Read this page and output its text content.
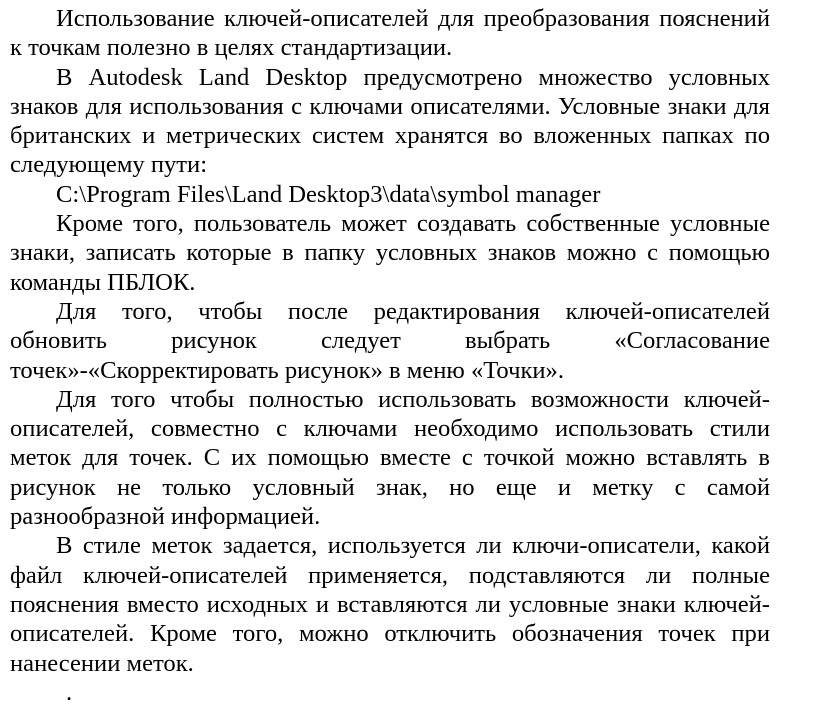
Использование ключей-описателей для преобразования пояснений к точкам полезно в целях стандартизации.

В Autodesk Land Desktop предусмотрено множество условных знаков для использования с ключами описателями. Условные знаки для британских и метрических систем хранятся во вложенных папках по следующему пути:

C:\Program Files\Land Desktop3\data\symbol manager

Кроме того, пользователь может создавать собственные условные знаки, записать которые в папку условных знаков можно с помощью команды ПБЛОК.

Для того, чтобы после редактирования ключей-описателей обновить рисунок следует выбрать «Согласование точек»-«Скорректировать рисунок» в меню «Точки».

Для того чтобы полностью использовать возможности ключей-описателей, совместно с ключами необходимо использовать стили меток для точек. С их помощью вместе с точкой можно вставлять в рисунок не только условный знак, но еще и метку с самой разнообразной информацией.

В стиле меток задается, используется ли ключи-описатели, какой файл ключей-описателей применяется, подставляются ли полные пояснения вместо исходных и вставляются ли условные знаки ключей-описателей. Кроме того, можно отключить обозначения точек при нанесении меток.

.
